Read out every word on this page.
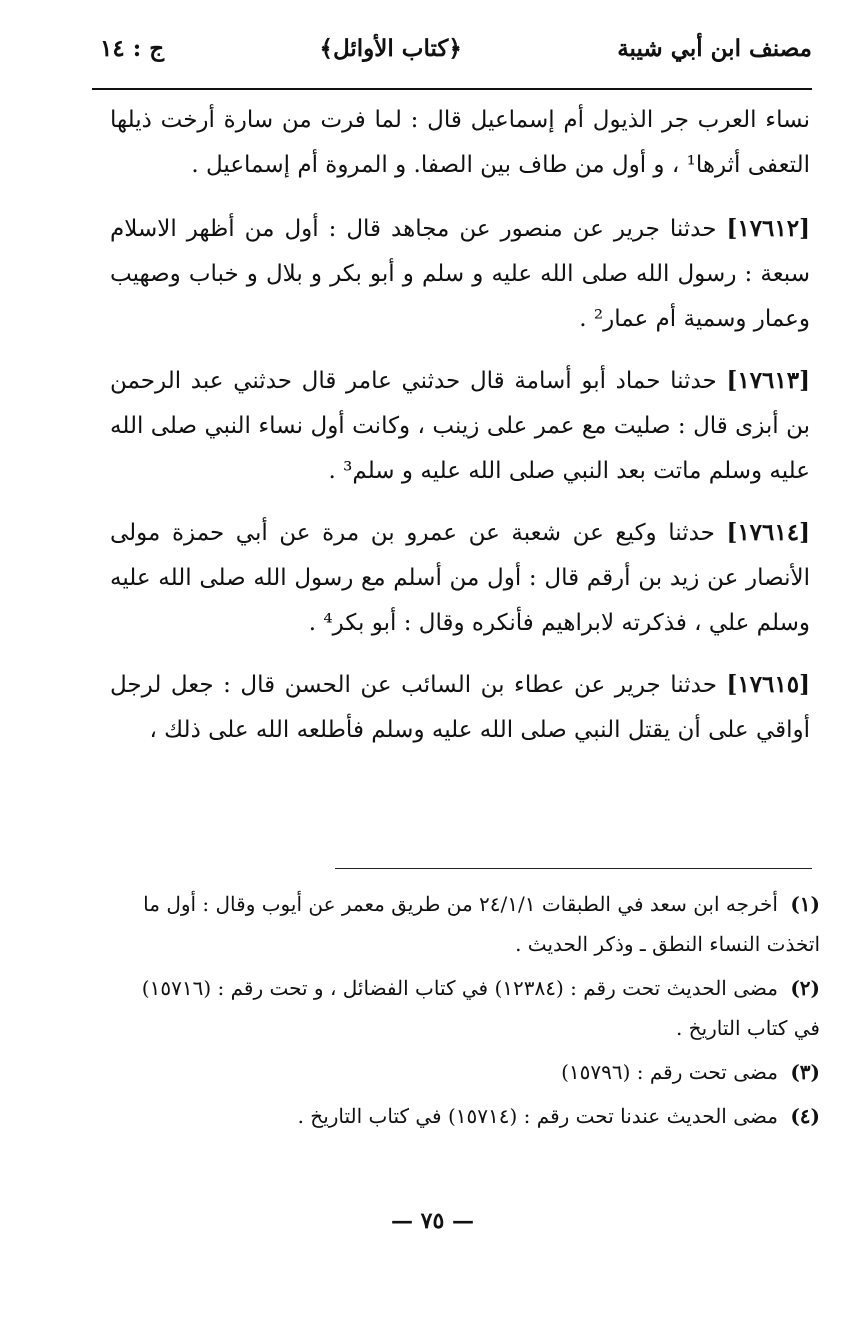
مصنف ابن أبي شيبة
﴿كتاب الأوائل﴾
ج : ١٤

نساء العرب جر الذيول أم إسماعيل قال : لما فرت من سارة أرخت ذيلها التعفى أثرها¹ ، و أول من طاف بين الصفا. و المروة أم إسماعيل .

[١٧٦١٢] حدثنا جرير عن منصور عن مجاهد قال : أول من أظهر الاسلام سبعة : رسول الله صلى الله عليه و سلم و أبو بكر و بلال و خباب وصهيب وعمار وسمية أم عمار² .

[١٧٦١٣] حدثنا حماد أبو أسامة قال حدثني عامر قال حدثني عبد الرحمن بن أبزى قال : صليت مع عمر على زينب ، وكانت أول نساء النبي صلى الله عليه وسلم ماتت بعد النبي صلى الله عليه و سلم³ .

[١٧٦١٤] حدثنا وكيع عن شعبة عن عمرو بن مرة عن أبي حمزة مولى الأنصار عن زيد بن أرقم قال : أول من أسلم مع رسول الله صلى الله عليه وسلم علي ، فذكرته لابراهيم فأنكره وقال : أبو بكر⁴ .

[١٧٦١٥] حدثنا جرير عن عطاء بن السائب عن الحسن قال : جعل لرجل أواقي على أن يقتل النبي صلى الله عليه وسلم فأطلعه الله على ذلك ،

(١) أخرجه ابن سعد في الطبقات ٢٤/١/١ من طريق معمر عن أيوب وقال : أول ما اتخذت النساء النطق ـ وذكر الحديث .
(٢) مضى الحديث تحت رقم : (١٢٣٨٤) في كتاب الفضائل ، و تحت رقم : (١٥٧١٦) في كتاب التاريخ .
(٣) مضى تحت رقم : (١٥٧٩٦)
(٤) مضى الحديث عندنا تحت رقم : (١٥٧١٤) في كتاب التاريخ .
— ٧٥ —
